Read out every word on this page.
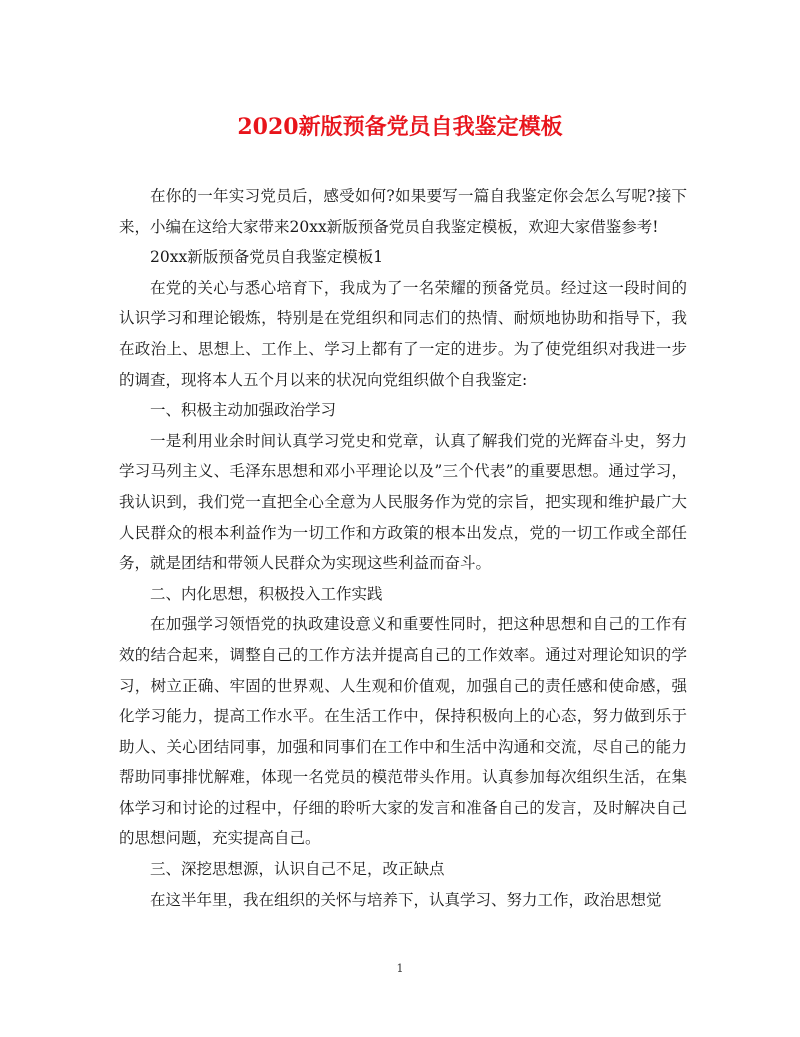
2020新版预备党员自我鉴定模板

在你的一年实习党员后，感受如何?如果要写一篇自我鉴定你会怎么写呢?接下来，小编在这给大家带来20xx新版预备党员自我鉴定模板，欢迎大家借鉴参考!

20xx新版预备党员自我鉴定模板1

在党的关心与悉心培育下，我成为了一名荣耀的预备党员。经过这一段时间的认识学习和理论锻炼，特别是在党组织和同志们的热情、耐烦地协助和指导下，我在政治上、思想上、工作上、学习上都有了一定的进步。为了使党组织对我进一步的调查，现将本人五个月以来的状况向党组织做个自我鉴定:

一、积极主动加强政治学习

一是利用业余时间认真学习党史和党章，认真了解我们党的光辉奋斗史，努力学习马列主义、毛泽东思想和邓小平理论以及”三个代表”的重要思想。通过学习，我认识到，我们党一直把全心全意为人民服务作为党的宗旨，把实现和维护最广大人民群众的根本利益作为一切工作和方政策的根本出发点，党的一切工作或全部任务，就是团结和带领人民群众为实现这些利益而奋斗。

二、内化思想，积极投入工作实践

在加强学习领悟党的执政建设意义和重要性同时，把这种思想和自己的工作有效的结合起来，调整自己的工作方法并提高自己的工作效率。通过对理论知识的学习，树立正确、牢固的世界观、人生观和价值观，加强自己的责任感和使命感，强化学习能力，提高工作水平。在生活工作中，保持积极向上的心态，努力做到乐于助人、关心团结同事，加强和同事们在工作中和生活中沟通和交流，尽自己的能力帮助同事排忧解难，体现一名党员的模范带头作用。认真参加每次组织生活，在集体学习和讨论的过程中，仔细的聆听大家的发言和准备自己的发言，及时解决自己的思想问题，充实提高自己。

三、深挖思想源，认识自己不足，改正缺点

在这半年里，我在组织的关怀与培养下，认真学习、努力工作，政治思想觉

1
